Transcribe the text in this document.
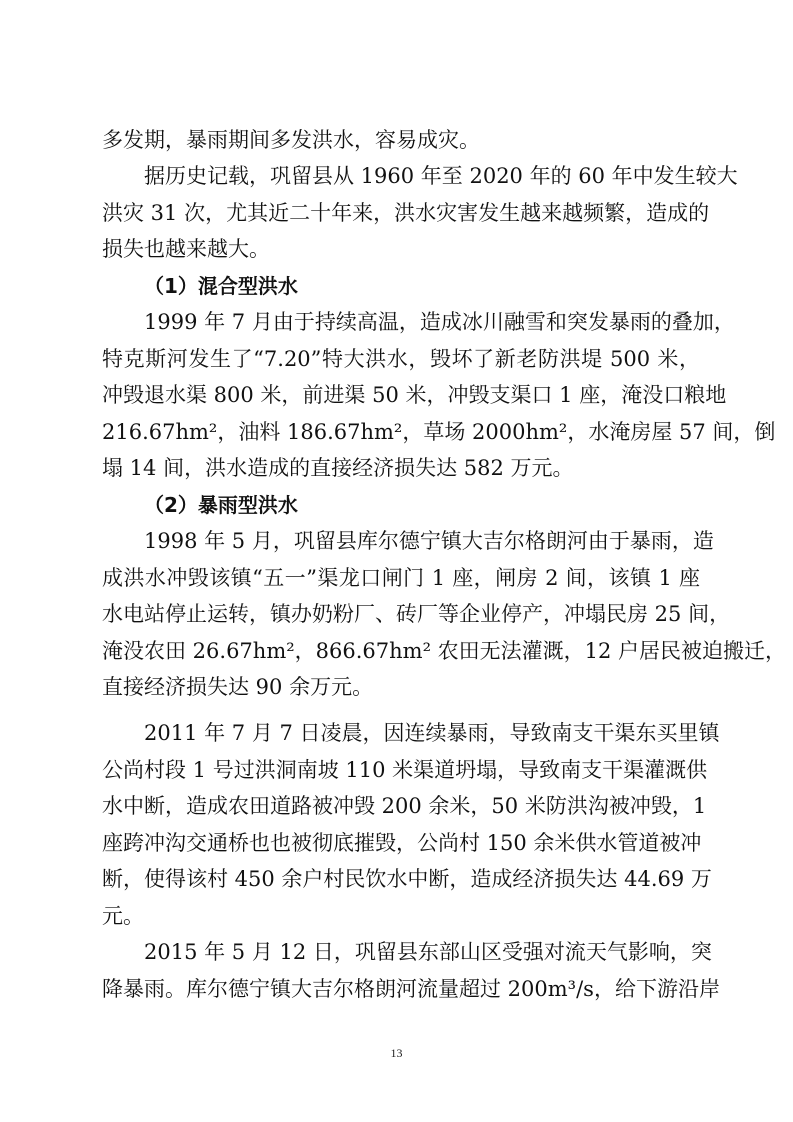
多发期，暴雨期间多发洪水，容易成灾。
据历史记载，巩留县从 1960 年至 2020 年的 60 年中发生较大
洪灾 31 次，尤其近二十年来，洪水灾害发生越来越频繁，造成的
损失也越来越大。
（1）混合型洪水
1999 年 7 月由于持续高温，造成冰川融雪和突发暴雨的叠加，
特克斯河发生了“7.20”特大洪水，毁坏了新老防洪堤 500 米，
冲毁退水渠 800 米，前进渠 50 米，冲毁支渠口 1 座，淹没口粮地
216.67hm²，油料 186.67hm²，草场 2000hm²，水淹房屋 57 间，倒
塌 14 间，洪水造成的直接经济损失达 582 万元。
（2）暴雨型洪水
1998 年 5 月，巩留县库尔德宁镇大吉尔格朗河由于暴雨，造
成洪水冲毁该镇“五一”渠龙口闸门 1 座，闸房 2 间，该镇 1 座
水电站停止运转，镇办奶粉厂、砖厂等企业停产，冲塌民房 25 间，
淹没农田 26.67hm²，866.67hm² 农田无法灌溉，12 户居民被迫搬迁，
直接经济损失达 90 余万元。
2011 年 7 月 7 日凌晨，因连续暴雨，导致南支干渠东买里镇
公尚村段 1 号过洪洞南坡 110 米渠道坍塌，导致南支干渠灌溉供
水中断，造成农田道路被冲毁 200 余米，50 米防洪沟被冲毁，1
座跨冲沟交通桥也也被彻底摧毁，公尚村 150 余米供水管道被冲
断，使得该村 450 余户村民饮水中断，造成经济损失达 44.69 万
元。
2015 年 5 月 12 日，巩留县东部山区受强对流天气影响，突
降暴雨。库尔德宁镇大吉尔格朗河流量超过 200m³/s，给下游沿岸
13
